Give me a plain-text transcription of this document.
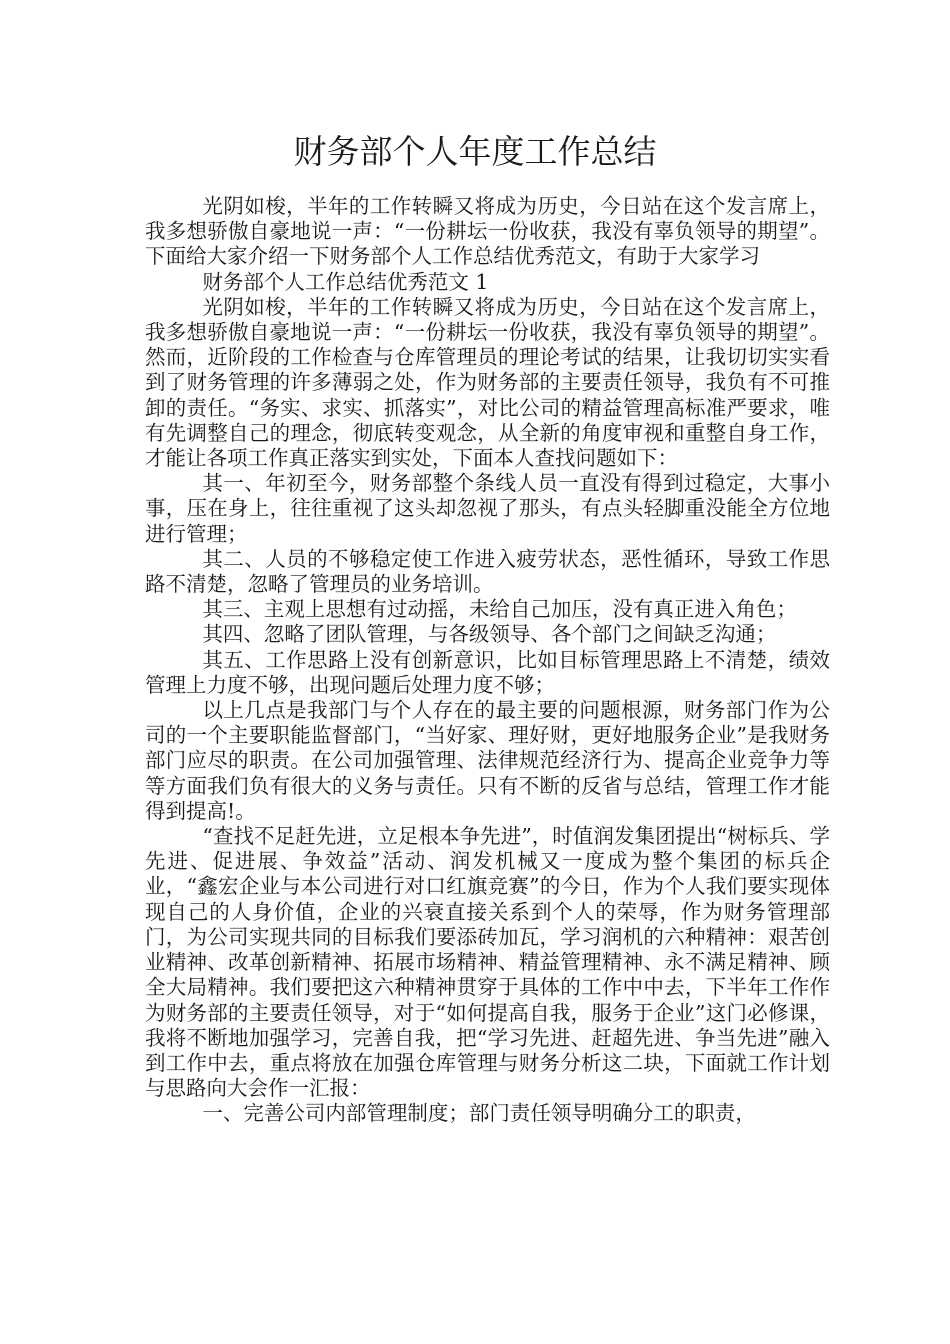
财务部个人年度工作总结

光阴如梭，半年的工作转瞬又将成为历史，今日站在这个发言席上，我多想骄傲自豪地说一声：“一份耕坛一份收获，我没有辜负领导的期望”。下面给大家介绍一下财务部个人工作总结优秀范文，有助于大家学习

财务部个人工作总结优秀范文 1

光阴如梭，半年的工作转瞬又将成为历史，今日站在这个发言席上，我多想骄傲自豪地说一声：“一份耕坛一份收获，我没有辜负领导的期望”。然而，近阶段的工作检查与仓库管理员的理论考试的结果，让我切切实实看到了财务管理的许多薄弱之处，作为财务部的主要责任领导，我负有不可推卸的责任。“务实、求实、抓落实”，对比公司的精益管理高标准严要求，唯有先调整自己的理念，彻底转变观念，从全新的角度审视和重整自身工作，才能让各项工作真正落实到实处，下面本人查找问题如下：

其一、年初至今，财务部整个条线人员一直没有得到过稳定，大事小事，压在身上，往往重视了这头却忽视了那头，有点头轻脚重没能全方位地进行管理；

其二、人员的不够稳定使工作进入疲劳状态，恶性循环，导致工作思路不清楚，忽略了管理员的业务培训。

其三、主观上思想有过动摇，未给自己加压，没有真正进入角色；

其四、忽略了团队管理，与各级领导、各个部门之间缺乏沟通；

其五、工作思路上没有创新意识，比如目标管理思路上不清楚，绩效管理上力度不够，出现问题后处理力度不够；

以上几点是我部门与个人存在的最主要的问题根源，财务部门作为公司的一个主要职能监督部门，“当好家、理好财，更好地服务企业”是我财务部门应尽的职责。在公司加强管理、法律规范经济行为、提高企业竞争力等等方面我们负有很大的义务与责任。只有不断的反省与总结，管理工作才能得到提高!。

“查找不足赶先进，立足根本争先进”，时值润发集团提出“树标兵、学先进、促进展、争效益”活动、润发机械又一度成为整个集团的标兵企业，“鑫宏企业与本公司进行对口红旗竞赛”的今日，作为个人我们要实现体现自己的人身价值，企业的兴衰直接关系到个人的荣辱，作为财务管理部门，为公司实现共同的目标我们要添砖加瓦，学习润机的六种精神：艰苦创业精神、改革创新精神、拓展市场精神、精益管理精神、永不满足精神、顾全大局精神。我们要把这六种精神贯穿于具体的工作中中去，下半年工作作为财务部的主要责任领导，对于“如何提高自我，服务于企业”这门必修课，我将不断地加强学习，完善自我，把“学习先进、赶超先进、争当先进”融入到工作中去，重点将放在加强仓库管理与财务分析这二块，下面就工作计划与思路向大会作一汇报：

一、完善公司内部管理制度；部门责任领导明确分工的职责，
